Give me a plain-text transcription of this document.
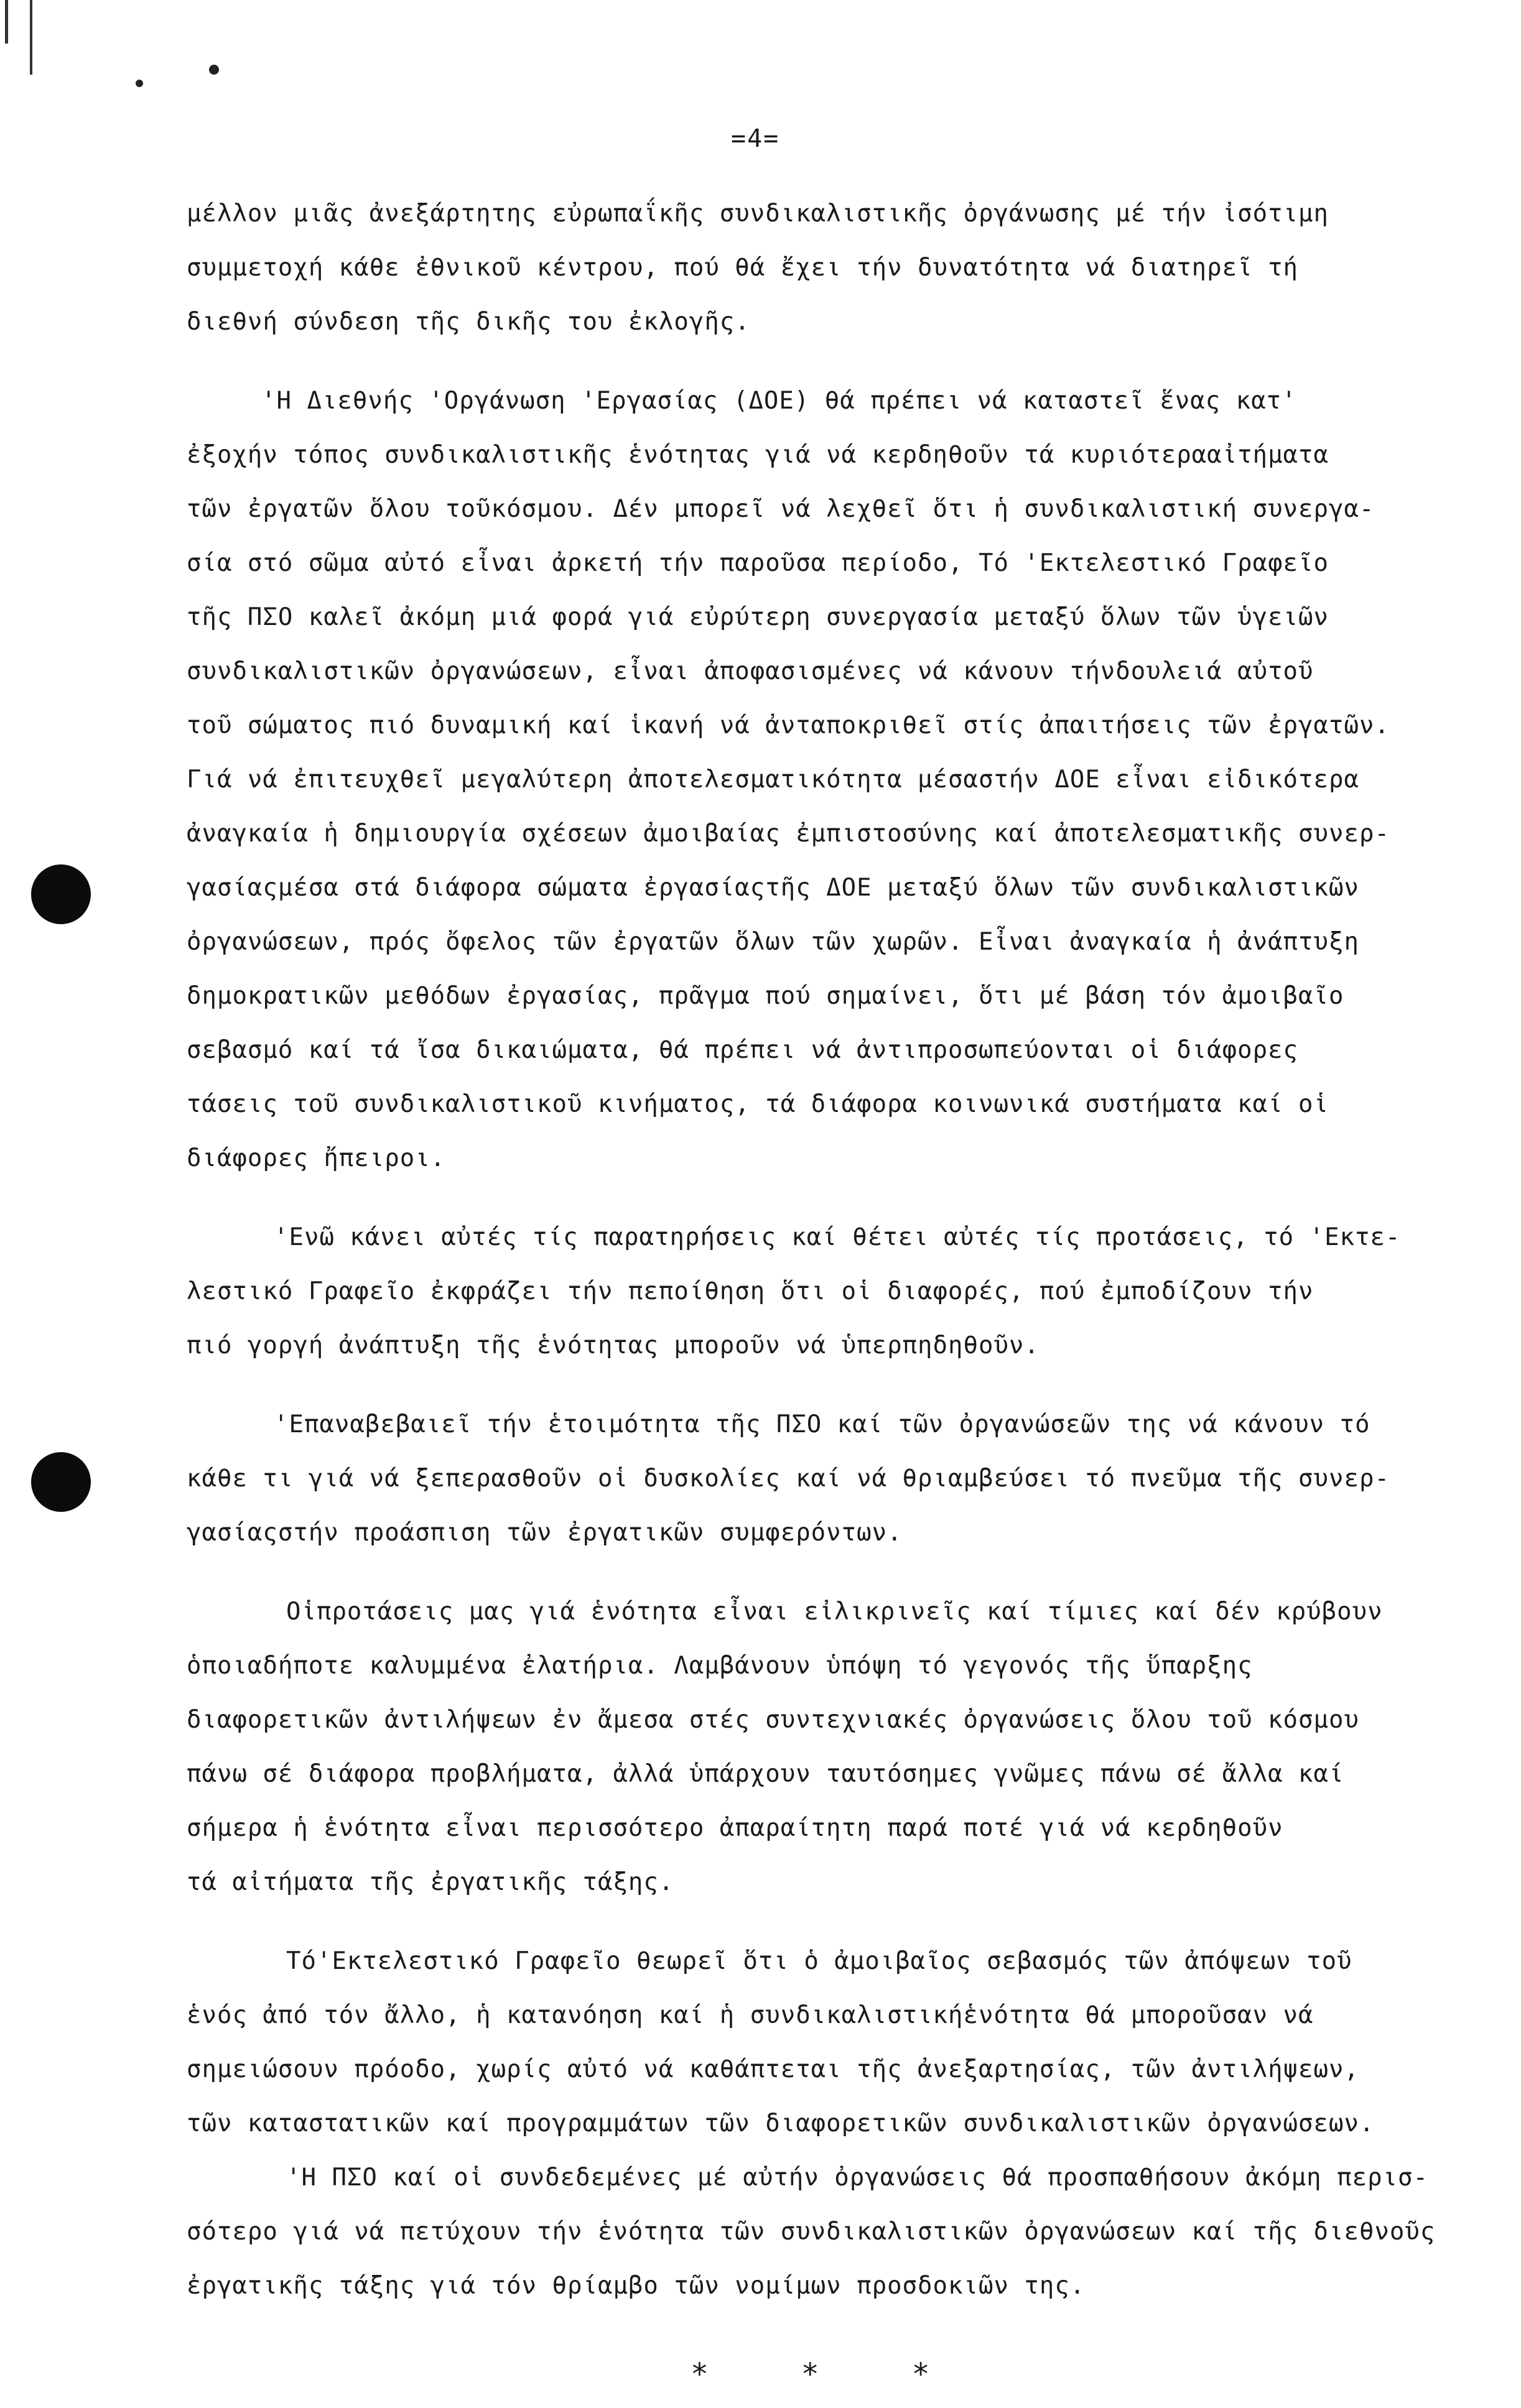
=4=
μέλλον μιᾶς ἀνεξάρτητης εὐρωπαΐκῆς συνδικαλιστικῆς ὀργάνωσης μέ τήν ἰσότιμη
συμμετοχή κάθε ἐθνικοῦ κέντρου, πού θά ἔχει τήν δυνατότητα νά διατηρεῖ τή
διεθνή σύνδεση τῆς δικῆς του ἐκλογῆς.
'Η Διεθνής 'Οργάνωση 'Εργασίας (ΔΟΕ) θά πρέπει νά καταστεῖ ἕνας κατ'
ἐξοχήν τόπος συνδικαλιστικῆς ἑνότητας γιά νά κερδηθοῦν τά κυριότερααἰτήματα
τῶν ἐργατῶν ὅλου τοῦκόσμου. Δέν μπορεῖ νά λεχθεῖ ὅτι ἡ συνδικαλιστική συνεργα-
σία στό σῶμα αὐτό εἶναι ἀρκετή τήν παροῦσα περίοδο, Τό 'Εκτελεστικό Γραφεῖο
τῆς ΠΣΟ καλεῖ ἀκόμη μιά φορά γιά εὐρύτερη συνεργασία μεταξύ ὅλων τῶν ὑγειῶν
συνδικαλιστικῶν ὀργανώσεων, εἶναι ἀποφασισμένες νά κάνουν τήνδουλειά αὐτοῦ
τοῦ σώματος πιό δυναμική καί ἱκανή νά ἀνταποκριθεῖ στίς ἀπαιτήσεις τῶν ἐργατῶν.
Γιά νά ἐπιτευχθεῖ μεγαλύτερη ἀποτελεσματικότητα μέσαστήν ΔΟΕ εἶναι εἰδικότερα
ἀναγκαία ἡ δημιουργία σχέσεων ἀμοιβαίας ἐμπιστοσύνης καί ἀποτελεσματικῆς συνερ-
γασίαςμέσα στά διάφορα σώματα ἐργασίαςτῆς ΔΟΕ μεταξύ ὅλων τῶν συνδικαλιστικῶν
ὀργανώσεων, πρός ὄφελος τῶν ἐργατῶν ὅλων τῶν χωρῶν. Εἶναι ἀναγκαία ἡ ἀνάπτυξη
δημοκρατικῶν μεθόδων ἐργασίας, πρᾶγμα πού σημαίνει, ὅτι μέ βάση τόν ἀμοιβαῖο
σεβασμό καί τά ἴσα δικαιώματα, θά πρέπει νά ἀντιπροσωπεύονται οἱ διάφορες
τάσεις τοῦ συνδικαλιστικοῦ κινήματος, τά διάφορα κοινωνικά συστήματα καί οἱ
διάφορες ἤπειροι.
'Ενῶ κάνει αὐτές τίς παρατηρήσεις καί θέτει αὐτές τίς προτάσεις, τό 'Εκτε-
λεστικό Γραφεῖο ἐκφράζει τήν πεποίθηση ὅτι οἱ διαφορές, πού ἐμποδίζουν τήν
πιό γοργή ἀνάπτυξη τῆς ἑνότητας μποροῦν νά ὑπερπηδηθοῦν.
'Επαναβεβαιεῖ τήν ἑτοιμότητα τῆς ΠΣΟ καί τῶν ὀργανώσεῶν της νά κάνουν τό
κάθε τι γιά νά ξεπερασθοῦν οἱ δυσκολίες καί νά θριαμβεύσει τό πνεῦμα τῆς συνερ-
γασίαςστήν προάσπιση τῶν ἐργατικῶν συμφερόντων.
Οἱπροτάσεις μας γιά ἑνότητα εἶναι εἰλικρινεῖς καί τίμιες καί δέν κρύβουν
ὁποιαδήποτε καλυμμένα ἐλατήρια. Λαμβάνουν ὑπόψη τό γεγονός τῆς ὕπαρξης
διαφορετικῶν ἀντιλήψεων ἐν ἄμεσα στές συντεχνιακές ὀργανώσεις ὅλου τοῦ κόσμου
πάνω σέ διάφορα προβλήματα, ἀλλά ὑπάρχουν ταυτόσημες γνῶμες πάνω σέ ἄλλα καί
σήμερα ἡ ἑνότητα εἶναι περισσότερο ἀπαραίτητη παρά ποτέ γιά νά κερδηθοῦν
τά αἰτήματα τῆς ἐργατικῆς τάξης.
Τό'Εκτελεστικό Γραφεῖο θεωρεῖ ὅτι ὁ ἀμοιβαῖος σεβασμός τῶν ἀπόψεων τοῦ
ἑνός ἀπό τόν ἄλλο, ἡ κατανόηση καί ἡ συνδικαλιστικήἑνότητα θά μποροῦσαν νά
σημειώσουν πρόοδο, χωρίς αὐτό νά καθάπτεται τῆς ἀνεξαρτησίας, τῶν ἀντιλήψεων,
τῶν καταστατικῶν καί προγραμμάτων τῶν διαφορετικῶν συνδικαλιστικῶν ὀργανώσεων.
'Η ΠΣΟ καί οἱ συνδεδεμένες μέ αὐτήν ὀργανώσεις θά προσπαθήσουν ἀκόμη περισ-
σότερο γιά νά πετύχουν τήν ἑνότητα τῶν συνδικαλιστικῶν ὀργανώσεων καί τῆς διεθνοῦς
ἐργατικῆς τάξης γιά τόν θρίαμβο τῶν νομίμων προσδοκιῶν της.
* * *
